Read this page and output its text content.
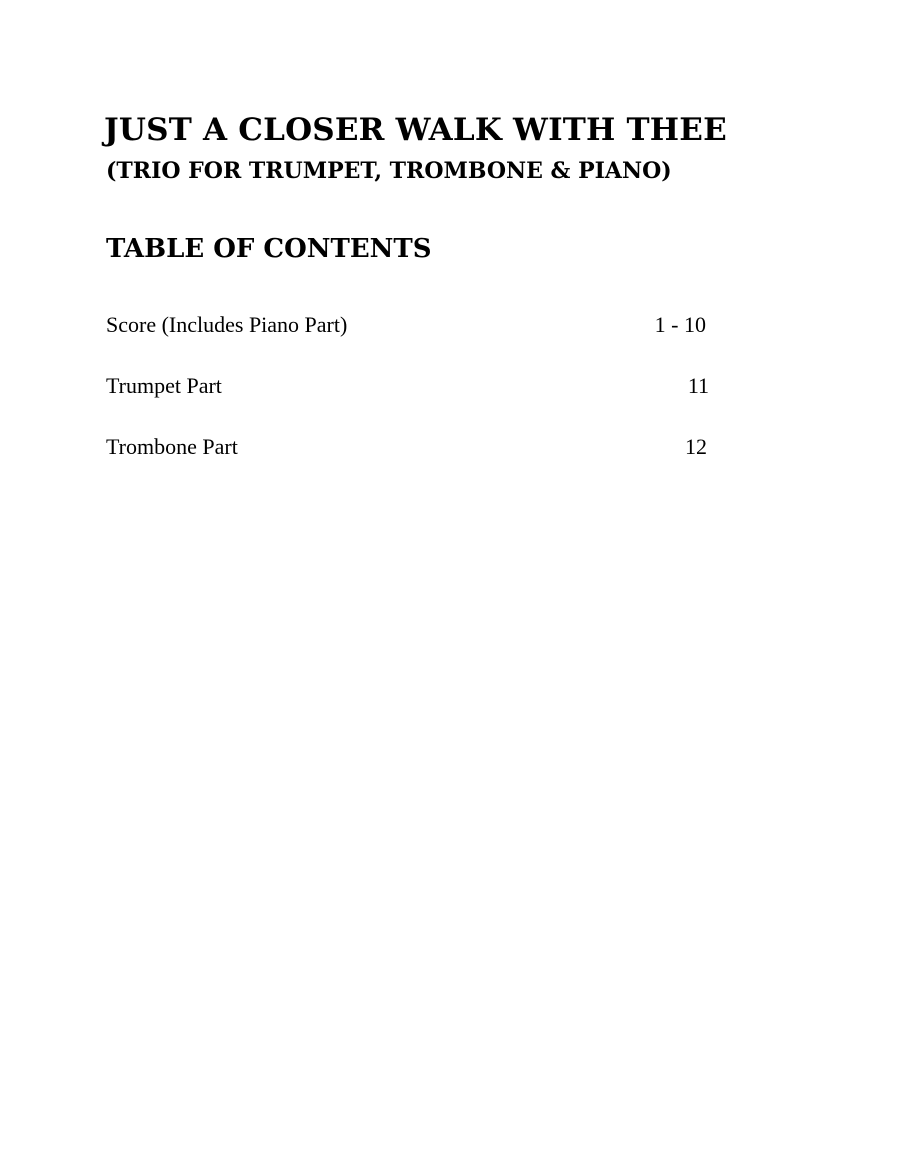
JUST A CLOSER WALK WITH THEE
(TRIO FOR TRUMPET, TROMBONE & PIANO)
TABLE OF CONTENTS
Score (Includes Piano Part)	1 - 10
Trumpet Part	11
Trombone Part	12
